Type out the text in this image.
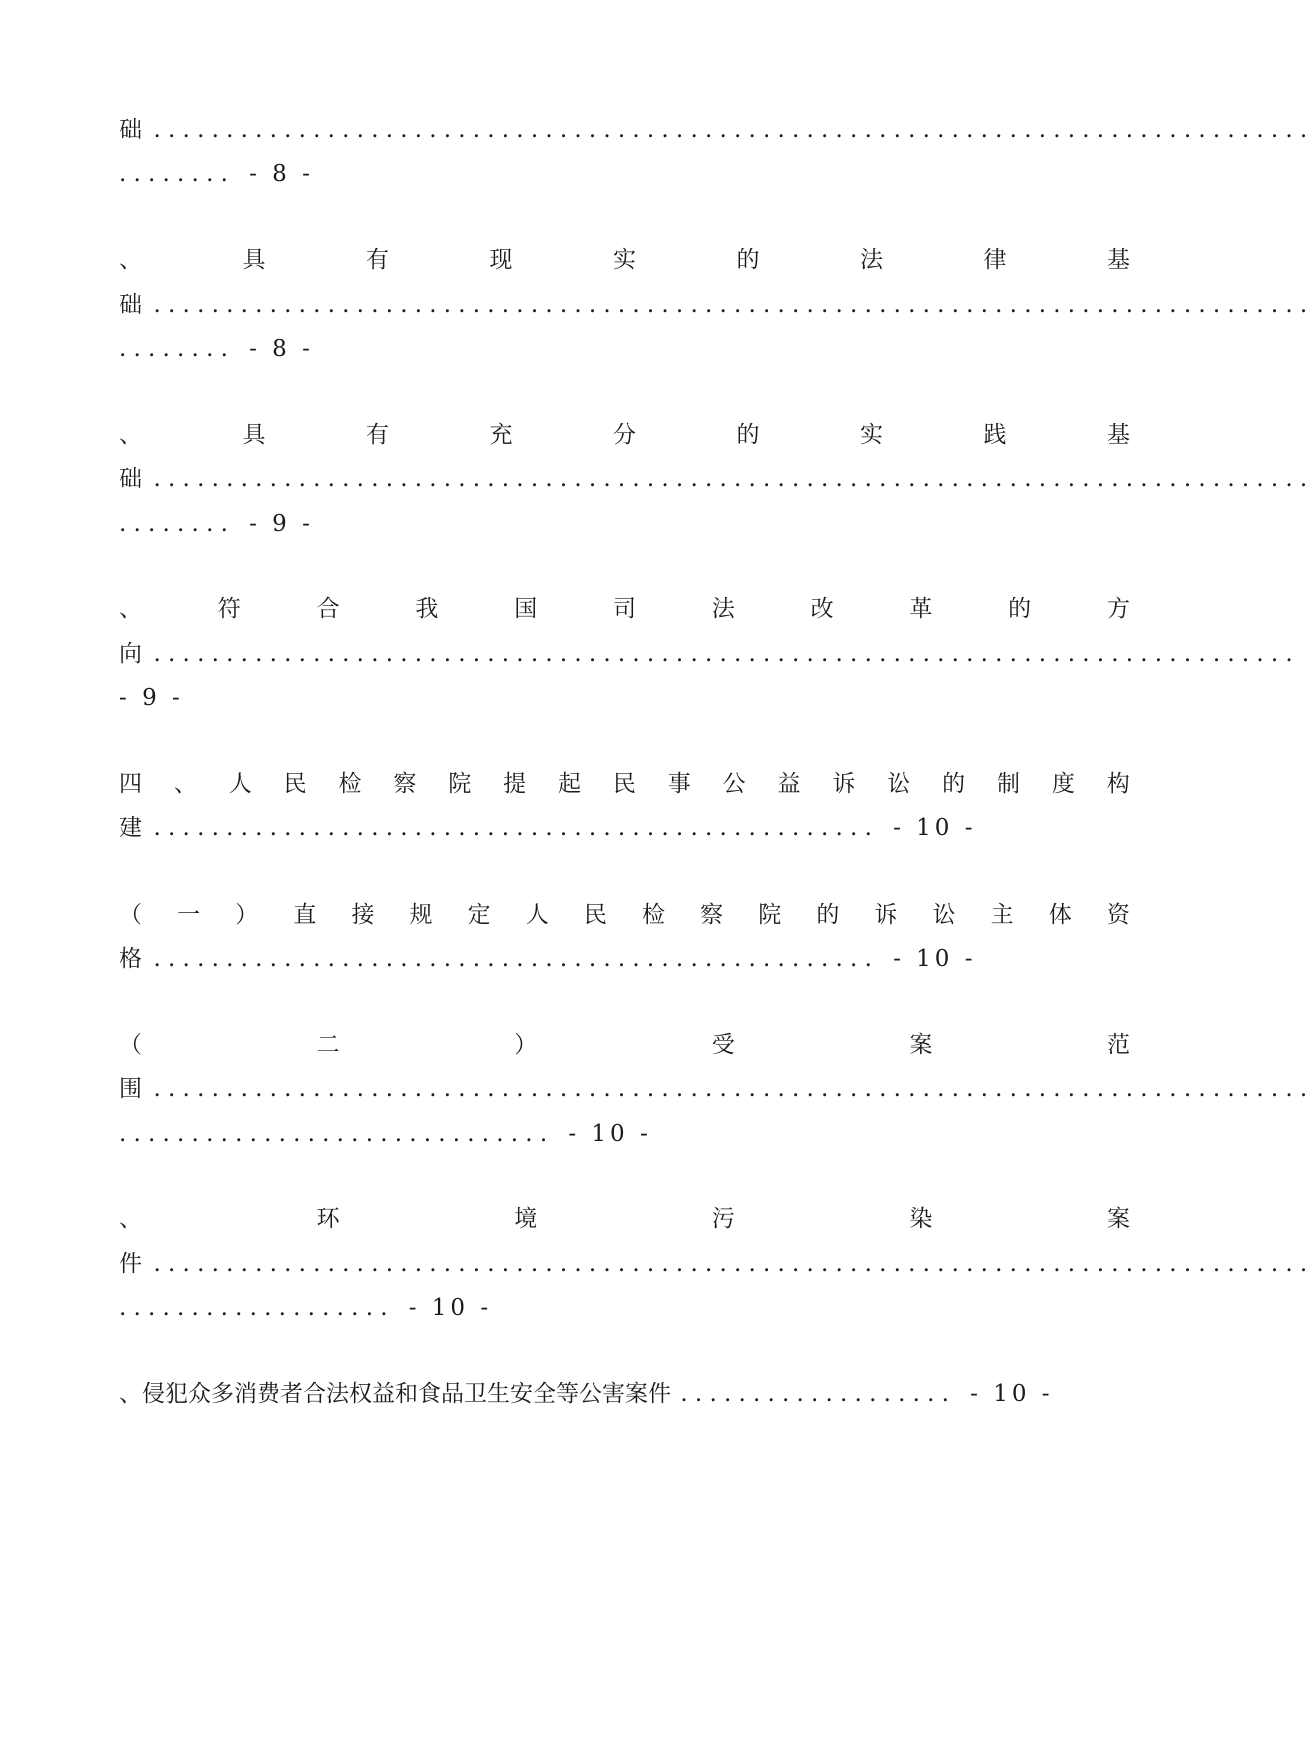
础 ................................................................................
........ - 8 -
、	具	有	现	实	的	法	律	基
础 ................................................................................
........ - 8 -
、	具	有	充	分	的	实	践	基
础 ................................................................................
........ - 9 -
、	符	合	我	国	司	法	改	革	的	方
向 ...............................................................................
- 9 -
四 、 人 民 检 察 院 提 起 民 事 公 益 诉 讼 的 制 度 构
建 .................................................. - 10 -
（ 一 ） 直 接 规 定 人 民 检 察 院 的 诉 讼 主 体 资
格 .................................................. - 10 -
（	二	）	受	案	范
围 ................................................................................
.............................. - 10 -
、	环	境	污	染	案
件 ................................................................................
................... - 10 -
、侵犯众多消费者合法权益和食品卫生安全等公害案件 ................... - 10 -
